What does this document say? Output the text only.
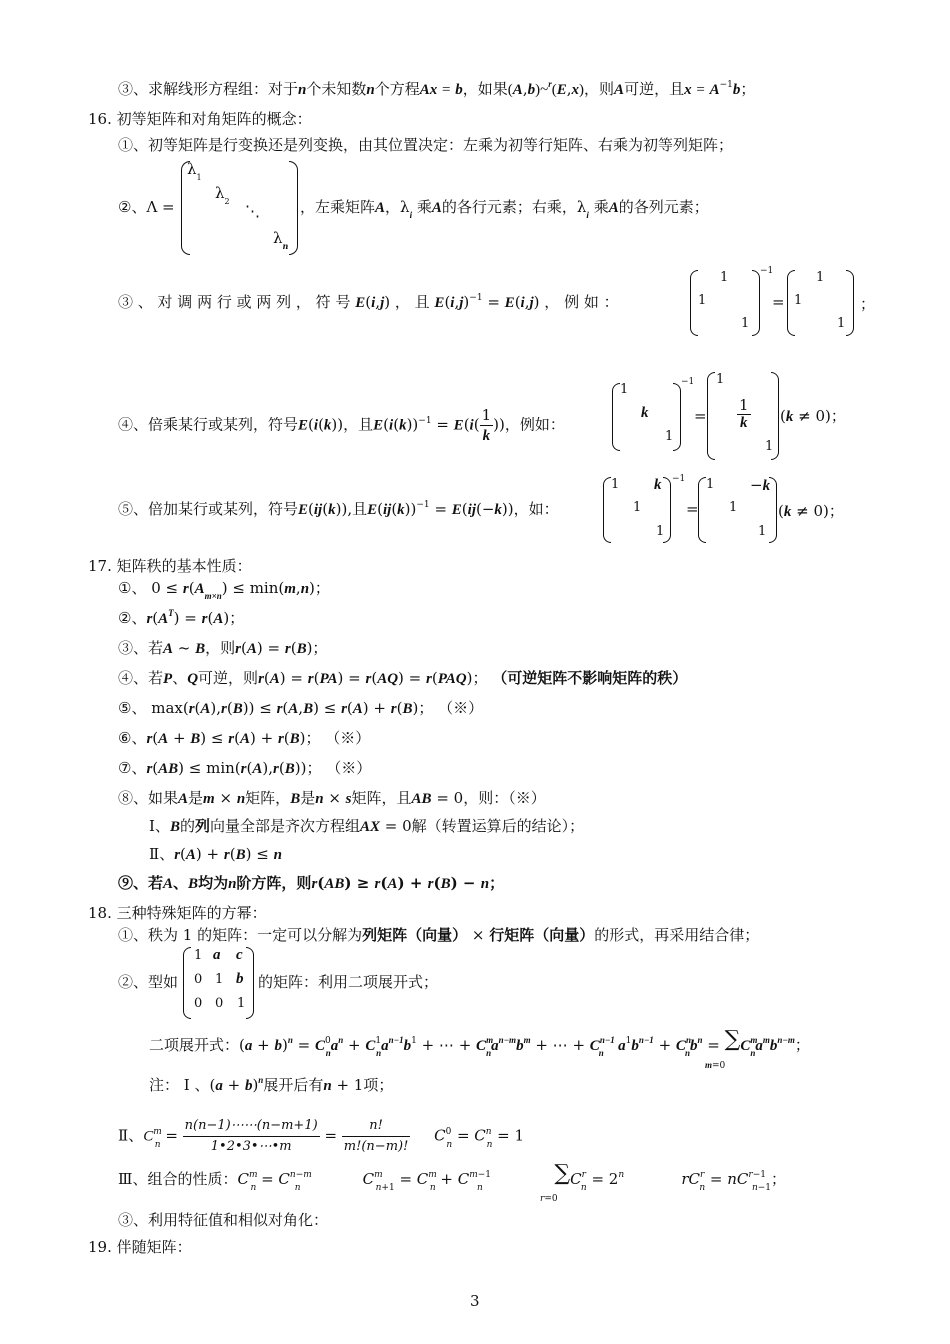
③、求解线形方程组：对于n个未知数n个方程Ax = b，如果(A,b)~$^r$(E,x)，则A可逆，且$x = A^{-1}b$；
16. 初等矩阵和对角矩阵的概念：
①、初等矩阵是行变换还是列变换，由其位置决定：左乘为初等行矩阵、右乘为初等列矩阵；
②、Λ =
$\lambda_1$
$\lambda_2$
⋱
$\lambda_n$
，左乘矩阵A，$\lambda_i$ 乘A的各行元素；右乘，$\lambda_i$ 乘A的各列元素；
③ 、 对 调 两 行 或 两 列 ， 符 号 E(i,j) ， 且 $E(i,j)^{-1} = E(i,j)$ ， 例 如 ：
1
1
1
−1
=
1
1
1
；
④、倍乘某行或某列，符号E(i(k))，且$E(i(k))^{-1} = E(i( \frac{1}{k}$ ))，例如：
1
k
1
−1
=
1
$\frac{1}{k}$
1
(k ≠ 0)；
⑤、倍加某行或某列，符号E(ij(k)),且$E(ij(k))^{-1} = E(ij(-k))$，如：
1 k
1
1
−1
=
1 −k
1
1
(k ≠ 0)；
17. 矩阵秩的基本性质：
①、 $0 \le r(A_{m\times n}) \le \min(m,n)$；
②、$r(A^T) = r(A)$；
③、若A ~ B，则r(A) = r(B)；
④、若P、Q可逆，则r(A) = r(PA) = r(AQ) = r(PAQ)； （可逆矩阵不影响矩阵的秩）
⑤、 max(r(A),r(B)) ≤ r(A,B) ≤ r(A) + r(B)； （※）
⑥、r(A + B) ≤ r(A) + r(B)； （※）
⑦、r(AB) ≤ min(r(A),r(B))； （※）
⑧、如果A是m × n矩阵，B是n × s矩阵，且AB = 0，则：（※）
Ⅰ、B的列向量全部是齐次方程组AX = 0解（转置运算后的结论）；
Ⅱ、r(A) + r(B) ≤ n
⑨、若A、B均为n阶方阵，则r(AB) ≥ r(A) + r(B) − n；
18. 三种特殊矩阵的方幂：
①、秩为 1 的矩阵：一定可以分解为列矩阵（向量） × 行矩阵（向量）的形式，再采用结合律；
②、型如
1 a c
0 1 b
0 0 1
的矩阵：利用二项展开式；
二项展开式：$(a + b)^n = C^0_na^n + C^1_na^{n-1}b^1$ + ⋯ + $C^m_na^{n-m}b^m$ + ⋯ + $C^{n-1}_n$ $a^1b^{n-1} + C^n_nb^n = \sum C^m_na^mb^{n-m}$；
m=0
注： Ⅰ 、$(a + b)^n$展开后有n + 1项；
Ⅱ、$C^m_n = \frac{n(n-1)\cdots\cdots(n-m+1)}{1•2•3•\cdots•m} = \frac{n!}{m!(n-m)!} C^0_n = C^n_n = 1$
Ⅲ、组合的性质：$C^m_n = C^{n-m}_n$	$C^m_{n+1} = C^m_n + C^{m-1}_n$               $\sum C^r_n = 2^n$	$rC^r_n = nC^{r-1}_{n-1}$；
r=0
③、利用特征值和相似对角化：
19. 伴随矩阵：
3
